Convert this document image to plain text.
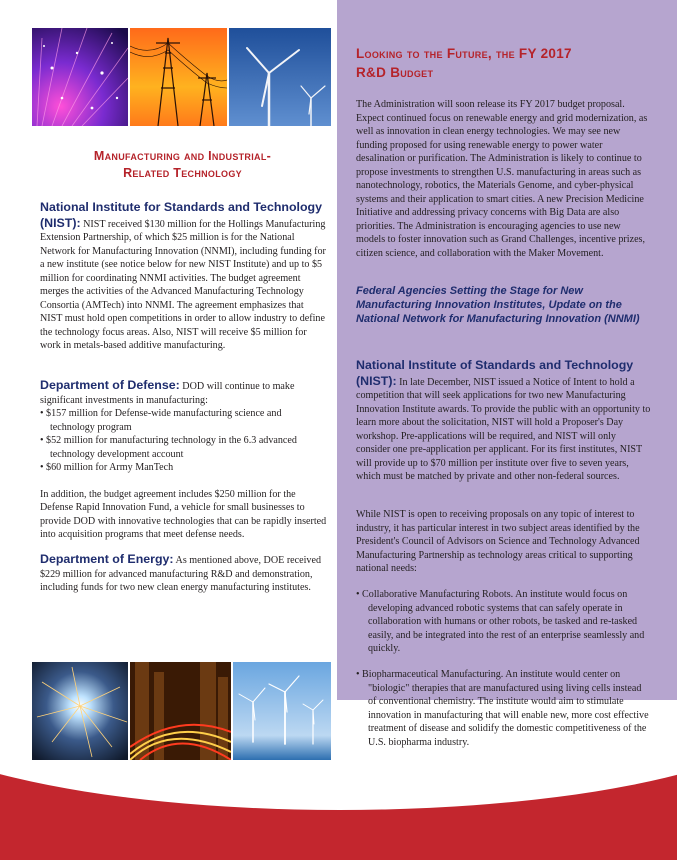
Manufacturing and Industrial-
Related Technology
Looking to the Future, the FY 2017
R&D Budget

National Institute for Standards and Technology (NIST): NIST received $130 million for the Hollings Manufacturing Extension Partnership, of which $25 million is for the National Network for Manufacturing Innovation (NNMI), including funding for a new institute (see notice below for new NIST Institute) and up to $5 million for coordinating NNMI activities. The budget agreement merges the activities of the Advanced Manufacturing Technology Consortia (AMTech) into NNMI. The agreement emphasizes that NIST must hold open competitions in order to allow industry to define the technology focus areas. Also, NIST will receive $5 million for work in metals-based additive manufacturing.

Department of Defense: DOD will continue to make significant investments in manufacturing:

• $157 million for Defense-wide manufacturing science and technology program

• $52 million for manufacturing technology in the 6.3 advanced technology development account

• $60 million for Army ManTech

In addition, the budget agreement includes $250 million for the Defense Rapid Innovation Fund, a vehicle for small businesses to provide DOD with innovative technologies that can be rapidly inserted into acquisition programs that meet defense needs.

Department of Energy: As mentioned above, DOE received $229 million for advanced manufacturing R&D and demonstration, including funds for two new clean energy manufacturing institutes.

The Administration will soon release its FY 2017 budget proposal. Expect continued focus on renewable energy and grid modernization, as well as innovation in clean energy technologies. We may see new funding proposed for using renewable energy to power water desalination or purification. The Administration is likely to continue to propose investments to strengthen U.S. manufacturing in areas such as nanotechnology, robotics, the Materials Genome, and cyber-physical systems and their application to smart cities. A new Precision Medicine Initiative and addressing privacy concerns with Big Data are also priorities. The Administration is encouraging agencies to use new models to foster innovation such as Grand Challenges, incentive prizes, citizen science, and collaboration with the Maker Movement.

Federal Agencies Setting the Stage for New Manufacturing Innovation Institutes, Update on the National Network for Manufacturing Innovation (NNMI)

National Institute of Standards and Technology (NIST): In late December, NIST issued a Notice of Intent to hold a competition that will seek applications for two new Manufacturing Innovation Institute awards. To provide the public with an opportunity to learn more about the solicitation, NIST will hold a Proposer's Day workshop. Pre-applications will be required, and NIST will only consider one pre-application per applicant. For its first institutes, NIST will provide up to $70 million per institute over five to seven years, which must be matched by private and other non-federal sources.

While NIST is open to receiving proposals on any topic of interest to industry, it has particular interest in two subject areas identified by the President's Council of Advisors on Science and Technology Advanced Manufacturing Partnership as technology areas critical to supporting national needs:

• Collaborative Manufacturing Robots. An institute would focus on developing advanced robotic systems that can safely operate in collaboration with humans or other robots, be tasked and re-tasked easily, and be integrated into the rest of an enterprise seamlessly and quickly.

• Biopharmaceutical Manufacturing. An institute would center on "biologic" therapies that are manufactured using living cells instead of conventional chemistry. The institute would aim to stimulate innovation in manufacturing that will enable new, more cost effective treatment of disease and solidify the domestic competitiveness of the U.S. biopharma industry.
